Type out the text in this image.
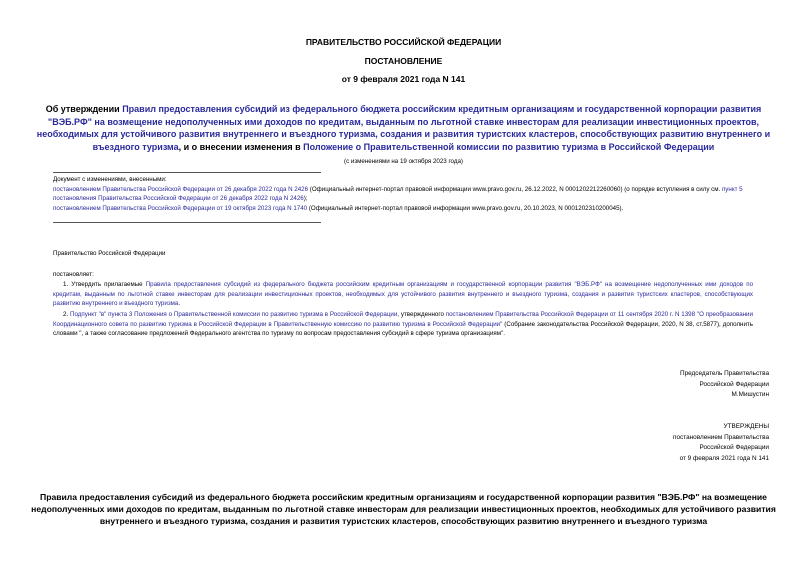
ПРАВИТЕЛЬСТВО РОССИЙСКОЙ ФЕДЕРАЦИИ
ПОСТАНОВЛЕНИЕ
от 9 февраля 2021 года N 141
Об утверждении Правил предоставления субсидий из федерального бюджета российским кредитным организациям и государственной корпорации развития "ВЭБ.РФ" на возмещение недополученных ими доходов по кредитам, выданным по льготной ставке инвесторам для реализации инвестиционных проектов, необходимых для устойчивого развития внутреннего и въездного туризма, создания и развития туристских кластеров, способствующих развитию внутреннего и въездного туризма, и о внесении изменения в Положение о Правительственной комиссии по развитию туризма в Российской Федерации
(с изменениями на 19 октября 2023 года)
Документ с изменениями, внесенными:
постановлением Правительства Российской Федерации от 26 декабря 2022 года N 2426 (Официальный интернет-портал правовой информации www.pravo.gov.ru, 26.12.2022, N 0001202212260060) (о порядке вступления в силу см. пункт 5 постановления Правительства Российской Федерации от 26 декабря 2022 года N 2426);
постановлением Правительства Российской Федерации от 19 октября 2023 года N 1740 (Официальный интернет-портал правовой информации www.pravo.gov.ru, 20.10.2023, N 0001202310200045).
Правительство Российской Федерации
постановляет:
1. Утвердить прилагаемые Правила предоставления субсидий из федерального бюджета российским кредитным организациям и государственной корпорации развития "ВЭБ.РФ" на возмещение недополученных ими доходов по кредитам, выданным по льготной ставке инвесторам для реализации инвестиционных проектов, необходимых для устойчивого развития внутреннего и въездного туризма, создания и развития туристских кластеров, способствующих развитию внутреннего и въездного туризма.
2. Подпункт "в" пункта 3 Положения о Правительственной комиссии по развитию туризма в Российской Федерации, утвержденного постановлением Правительства Российской Федерации от 11 сентября 2020 г. N 1398 "О преобразовании Координационного совета по развитию туризма в Российской Федерации в Правительственную комиссию по развитию туризма в Российской Федерации" (Собрание законодательства Российской Федерации, 2020, N 38, ст.5877), дополнить словами ", а также согласование предложений Федерального агентства по туризму по вопросам предоставления субсидий в сфере туризма организациям".
Председатель Правительства
Российской Федерации
М.Мишустин
УТВЕРЖДЕНЫ
постановлением Правительства
Российской Федерации
от 9 февраля 2021 года N 141
Правила предоставления субсидий из федерального бюджета российским кредитным организациям и государственной корпорации развития "ВЭБ.РФ" на возмещение недополученных ими доходов по кредитам, выданным по льготной ставке инвесторам для реализации инвестиционных проектов, необходимых для устойчивого развития внутреннего и въездного туризма, создания и развития туристских кластеров, способствующих развитию внутреннего и въездного туризма
